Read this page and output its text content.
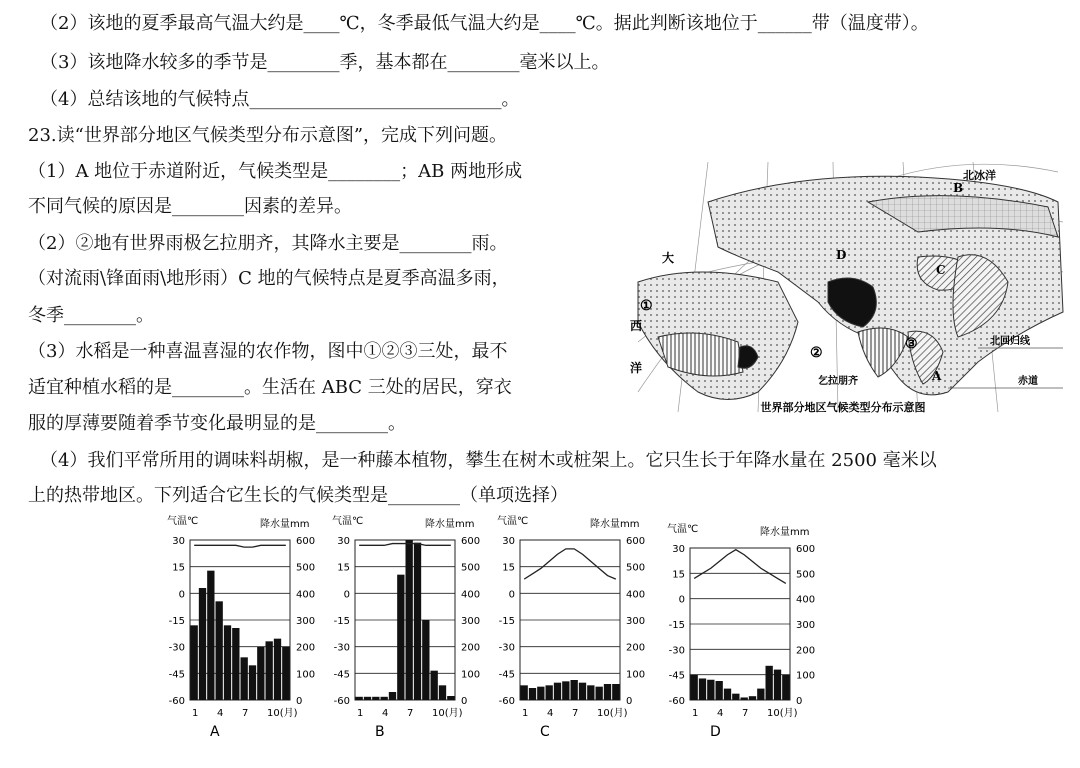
（2）该地的夏季最高气温大约是____℃，冬季最低气温大约是____℃。据此判断该地位于______带（温度带）。
（3）该地降水较多的季节是________季，基本都在________毫米以上。
（4）总结该地的气候特点____________________________。
23.读“世界部分地区气候类型分布示意图”，完成下列问题。
（1）A 地位于赤道附近，气候类型是________；AB 两地形成
不同气候的原因是________因素的差异。
（2）②地有世界雨极乞拉朋齐，其降水主要是________雨。
（对流雨\锋面雨\地形雨）C 地的气候特点是夏季高温多雨，
冬季________。
（3）水稻是一种喜温喜湿的农作物，图中①②③三处，最不
适宜种植水稻的是________。生活在 ABC 三处的居民，穿衣
服的厚薄要随着季节变化最明显的是________。
（4）我们平常所用的调味料胡椒，是一种藤本植物，攀生在树木或桩架上。它只生长于年降水量在 2500 毫米以
上的热带地区。下列适合它生长的气候类型是________（单项选择）
B
北冰洋
D
C
大
西
洋
①
②
③	北回归线
乞拉朋齐	A	赤道
世界部分地区气候类型分布示意图
气温℃	降水量mm
30
15
0
-15
-30
-45
-60
600
500
400
300
200
100
0
1 4 7 10(月)
A
气温℃	降水量mm
30
15
0
-15
-30
-45
-60
600
500
400
300
200
100
0
1 4 7 10(月)
B
气温℃	降水量mm
30
15
0
-15
-30
-45
-60
600
500
400
300
200
100
0
1 4 7 10(月)
C
气温℃	降水量mm
30
15
0
-15
-30
-45
-60
600
500
400
300
200
100
0
1 4 7 10(月)
D
